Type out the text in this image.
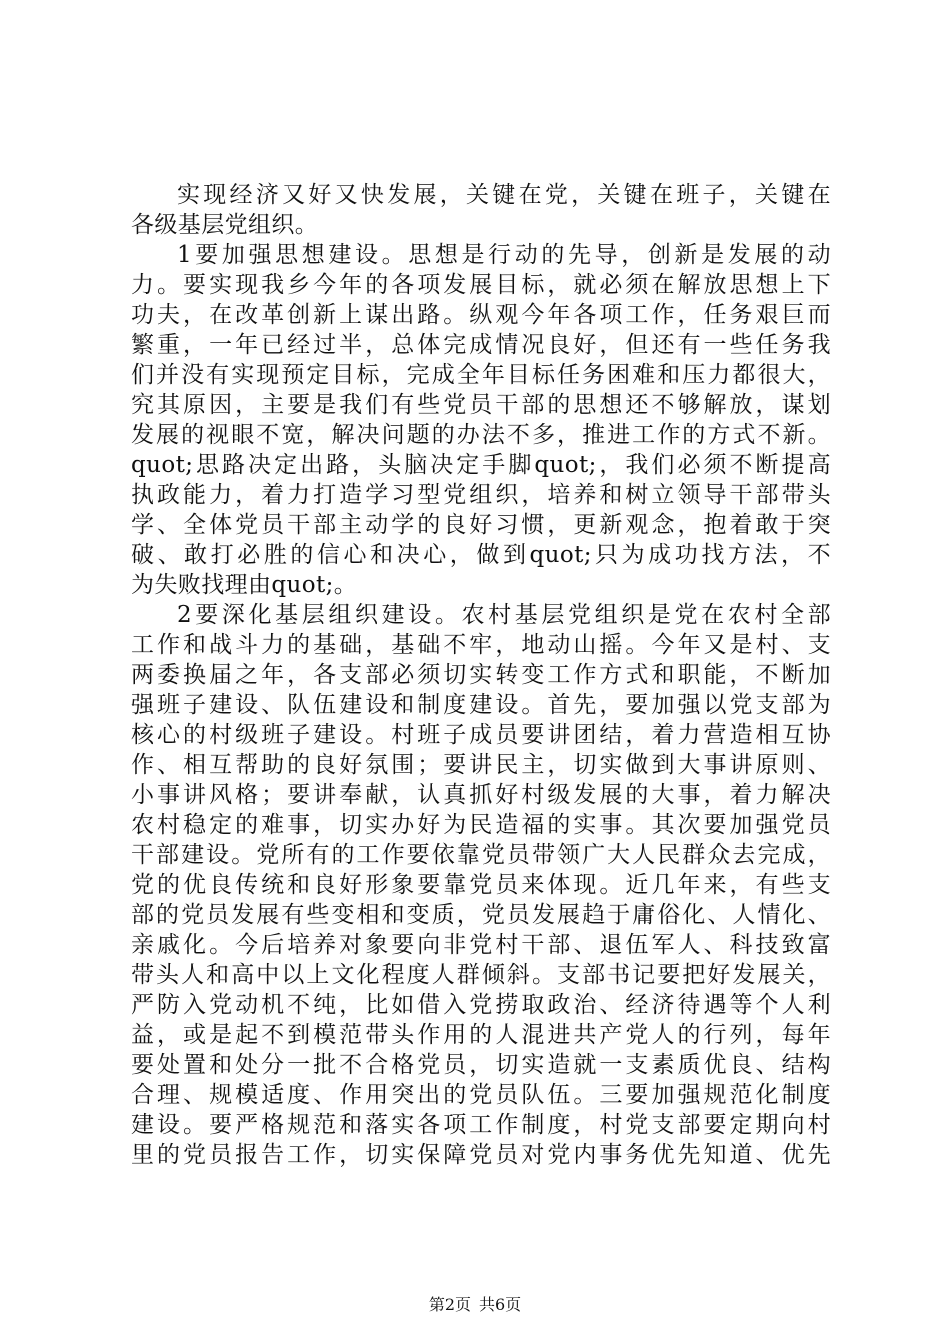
实现经济又好又快发展，关键在党，关键在班子，关键在
各级基层党组织。
1要加强思想建设。思想是行动的先导，创新是发展的动
力。要实现我乡今年的各项发展目标，就必须在解放思想上下
功夫，在改革创新上谋出路。纵观今年各项工作，任务艰巨而
繁重，一年已经过半，总体完成情况良好，但还有一些任务我
们并没有实现预定目标，完成全年目标任务困难和压力都很大，
究其原因，主要是我们有些党员干部的思想还不够解放，谋划
发展的视眼不宽，解决问题的办法不多，推进工作的方式不新。
quot;思路决定出路，头脑决定手脚quot;，我们必须不断提高
执政能力，着力打造学习型党组织，培养和树立领导干部带头
学、全体党员干部主动学的良好习惯，更新观念，抱着敢于突
破、敢打必胜的信心和决心，做到quot;只为成功找方法，不
为失败找理由quot;。
2要深化基层组织建设。农村基层党组织是党在农村全部
工作和战斗力的基础，基础不牢，地动山摇。今年又是村、支
两委换届之年，各支部必须切实转变工作方式和职能，不断加
强班子建设、队伍建设和制度建设。首先，要加强以党支部为
核心的村级班子建设。村班子成员要讲团结，着力营造相互协
作、相互帮助的良好氛围；要讲民主，切实做到大事讲原则、
小事讲风格；要讲奉献，认真抓好村级发展的大事，着力解决
农村稳定的难事，切实办好为民造福的实事。其次要加强党员
干部建设。党所有的工作要依靠党员带领广大人民群众去完成，
党的优良传统和良好形象要靠党员来体现。近几年来，有些支
部的党员发展有些变相和变质，党员发展趋于庸俗化、人情化、
亲戚化。今后培养对象要向非党村干部、退伍军人、科技致富
带头人和高中以上文化程度人群倾斜。支部书记要把好发展关，
严防入党动机不纯，比如借入党捞取政治、经济待遇等个人利
益，或是起不到模范带头作用的人混进共产党人的行列，每年
要处置和处分一批不合格党员，切实造就一支素质优良、结构
合理、规模适度、作用突出的党员队伍。三要加强规范化制度
建设。要严格规范和落实各项工作制度，村党支部要定期向村
里的党员报告工作，切实保障党员对党内事务优先知道、优先
第2页 共6页
